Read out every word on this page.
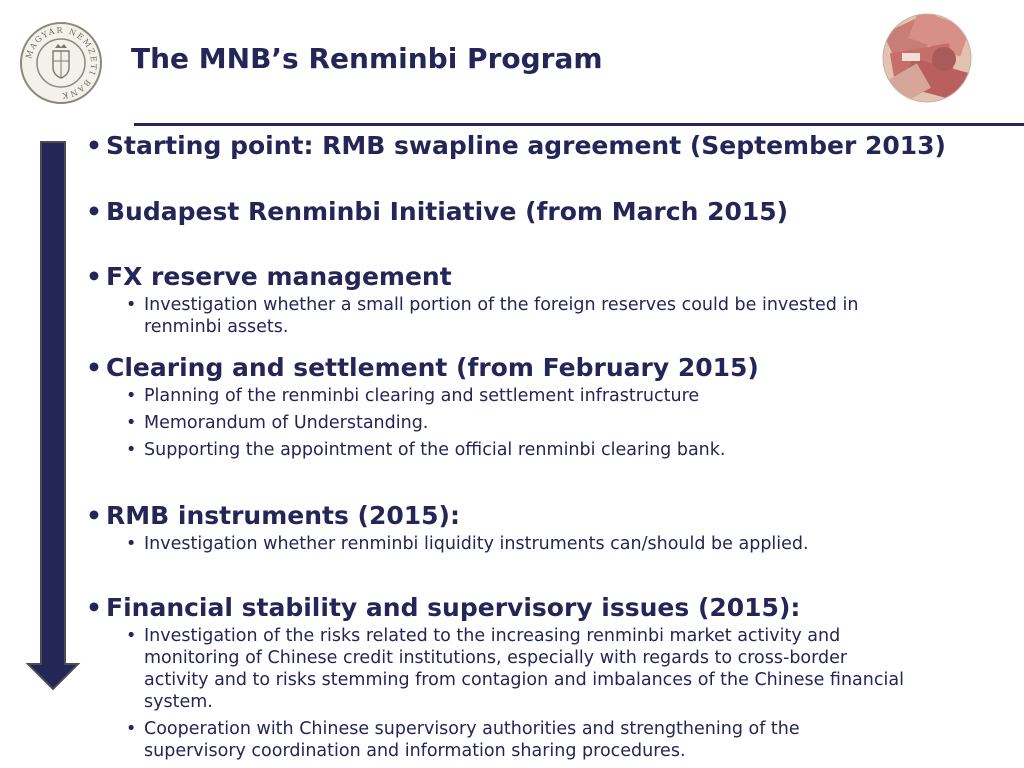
MAGYAR NEMZETI BANK
The MNB’s Renminbi Program
• Starting point: RMB swapline agreement (September 2013)
• Budapest Renminbi Initiative (from March 2015)
• FX reserve management
• Investigation whether a small portion of the foreign reserves could be invested in renminbi assets.
• Clearing and settlement (from February 2015)
• Planning of the renminbi clearing and settlement infrastructure
• Memorandum of Understanding.
• Supporting the appointment of the official renminbi clearing bank.
• RMB instruments (2015):
• Investigation whether renminbi liquidity instruments can/should be applied.
• Financial stability and supervisory issues (2015):
• Investigation of the risks related to the increasing renminbi market activity and monitoring of Chinese credit institutions, especially with regards to cross-border activity and to risks stemming from contagion and imbalances of the Chinese financial system.
• Cooperation with Chinese supervisory authorities and strengthening of the supervisory coordination and information sharing procedures.
